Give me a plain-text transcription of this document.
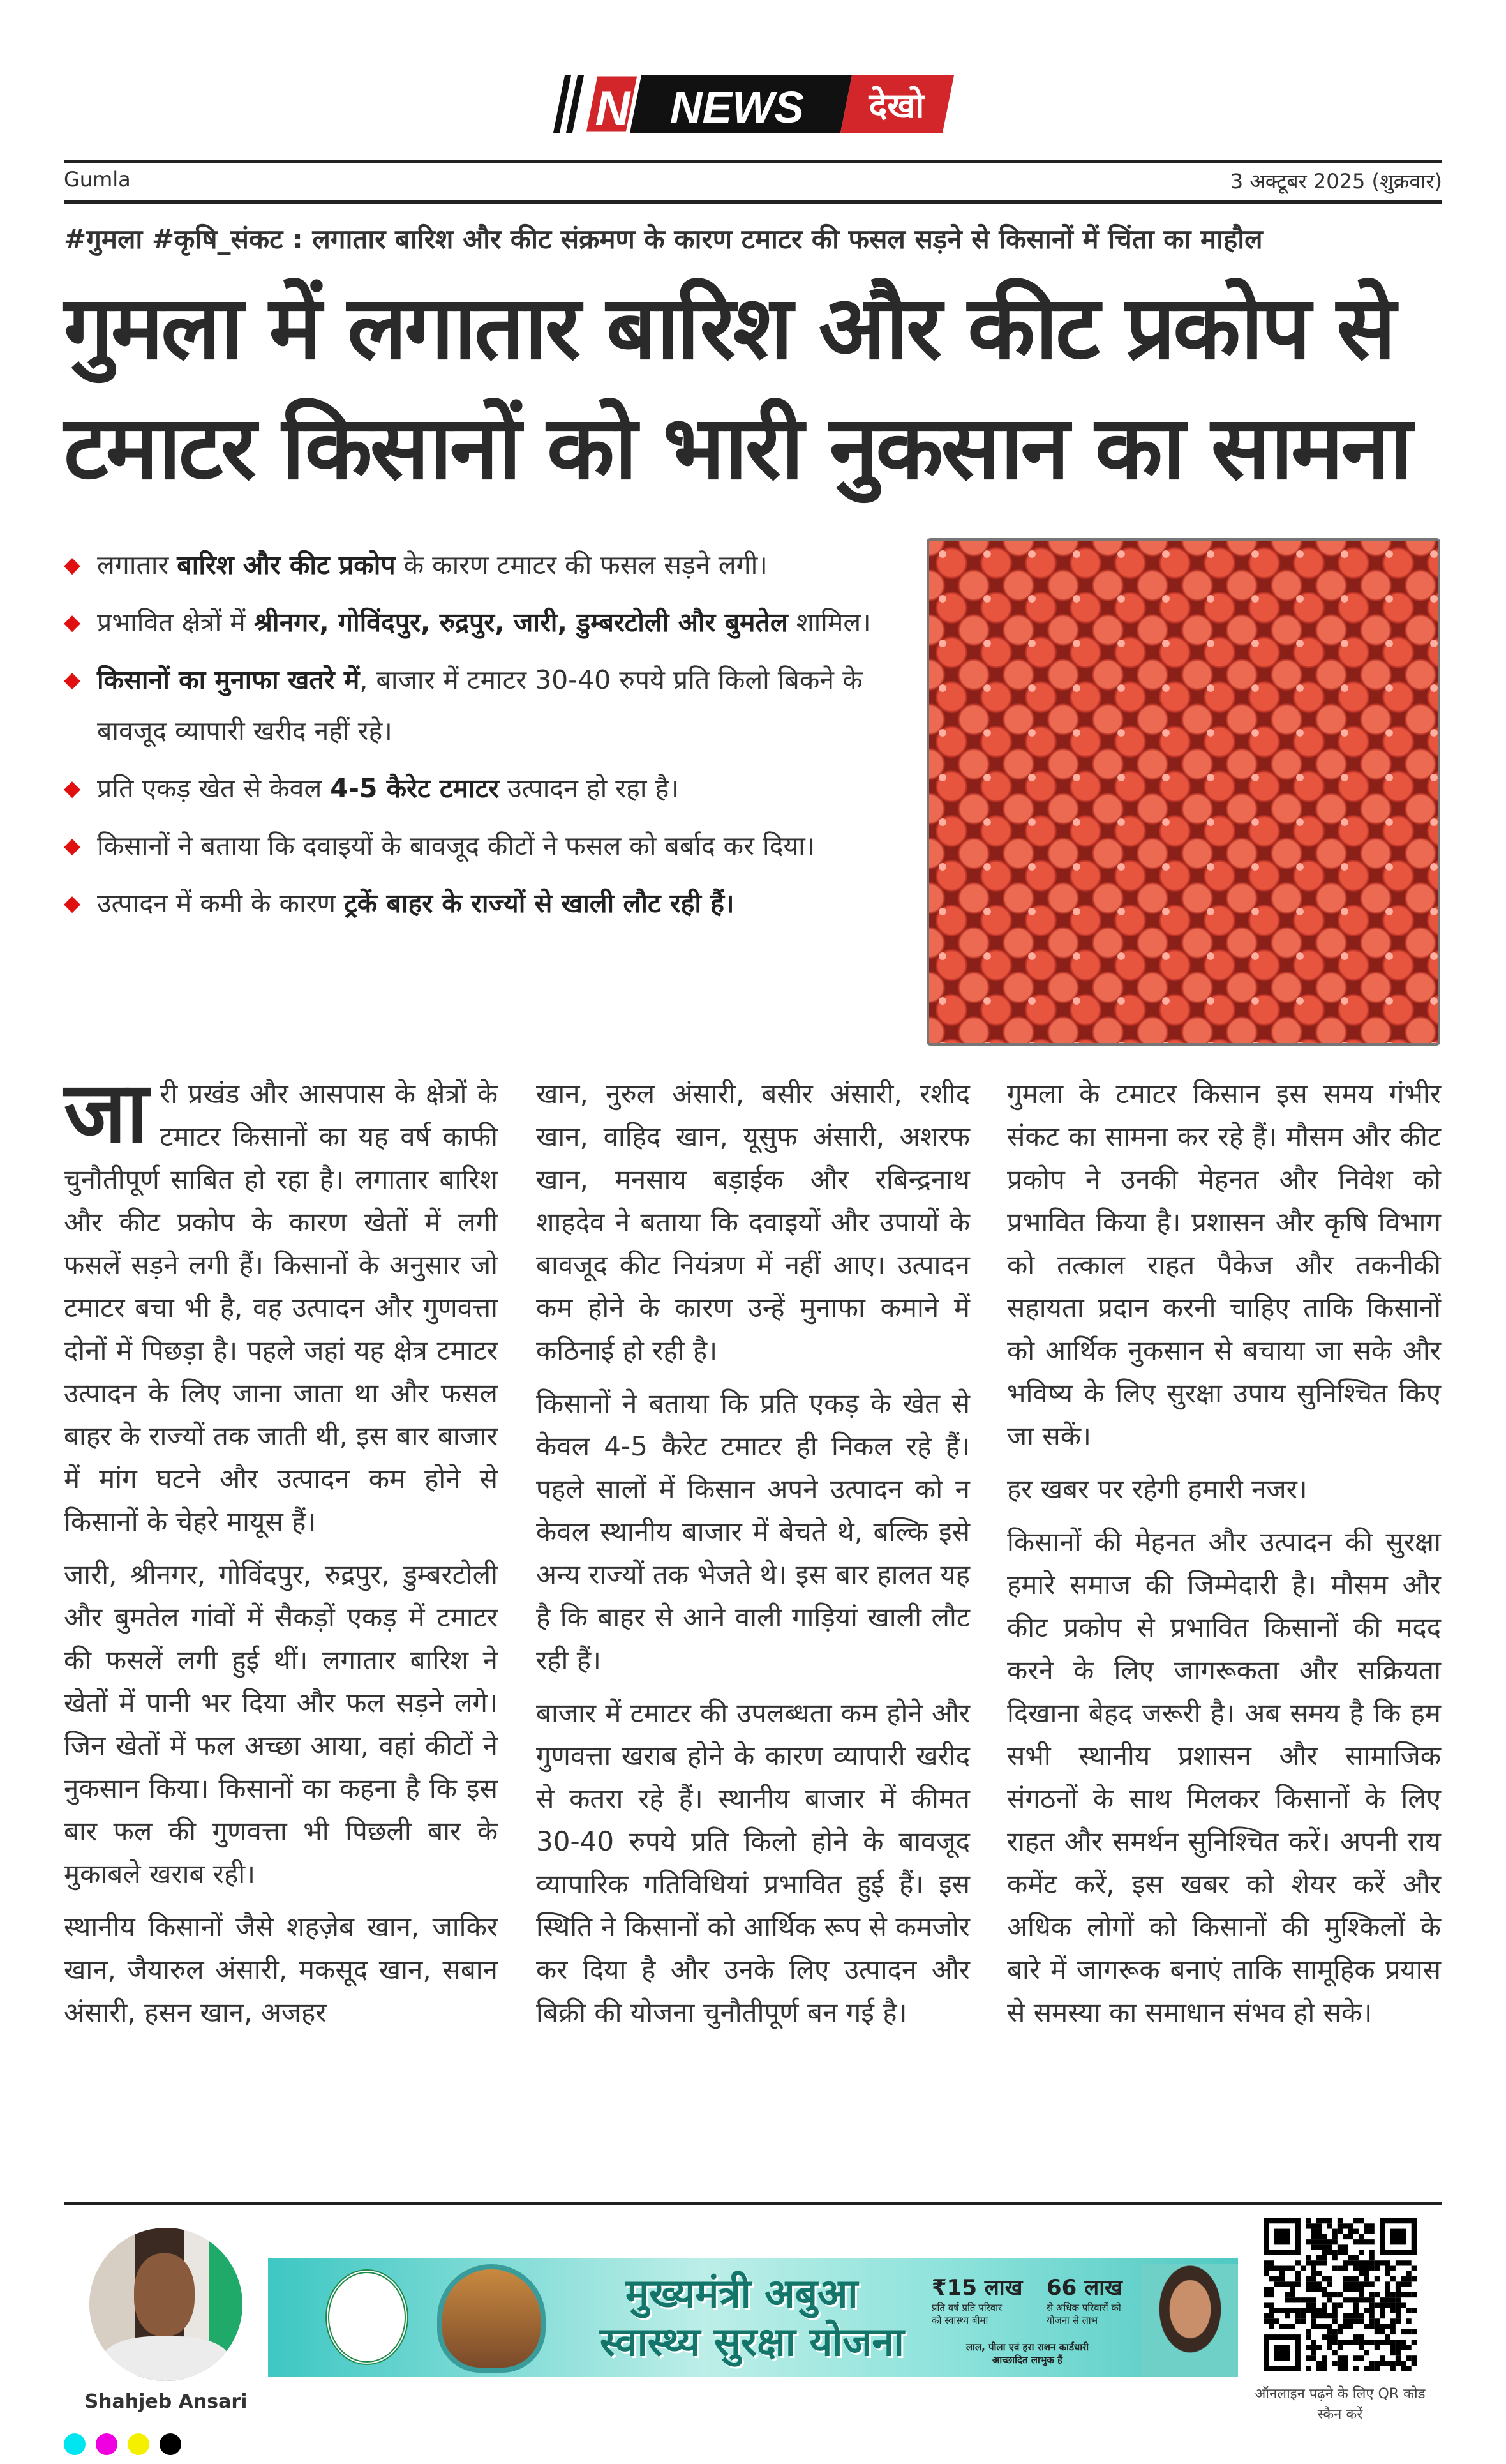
N NEWS देखो
Gumla	3 अक्टूबर 2025 (शुक्रवार)
#गुमला #कृषि_संकट : लगातार बारिश और कीट संक्रमण के कारण टमाटर की फसल सड़ने से किसानों में चिंता का माहौल
गुमला में लगातार बारिश और कीट प्रकोप से
टमाटर किसानों को भारी नुकसान का सामना
◆ लगातार बारिश और कीट प्रकोप के कारण टमाटर की फसल सड़ने लगी।
◆ प्रभावित क्षेत्रों में श्रीनगर, गोविंदपुर, रुद्रपुर, जारी, डुम्बरटोली और बुमतेल शामिल।
◆ किसानों का मुनाफा खतरे में, बाजार में टमाटर 30-40 रुपये प्रति किलो बिकने के बावजूद व्यापारी खरीद नहीं रहे।
◆ प्रति एकड़ खेत से केवल 4-5 कैरेट टमाटर उत्पादन हो रहा है।
◆ किसानों ने बताया कि दवाइयों के बावजूद कीटों ने फसल को बर्बाद कर दिया।
◆ उत्पादन में कमी के कारण ट्रकें बाहर के राज्यों से खाली लौट रही हैं।

जारी प्रखंड और आसपास के क्षेत्रों के टमाटर किसानों का यह वर्ष काफी चुनौतीपूर्ण साबित हो रहा है। लगातार बारिश और कीट प्रकोप के कारण खेतों में लगी फसलें सड़ने लगी हैं। किसानों के अनुसार जो टमाटर बचा भी है, वह उत्पादन और गुणवत्ता दोनों में पिछड़ा है। पहले जहां यह क्षेत्र टमाटर उत्पादन के लिए जाना जाता था और फसल बाहर के राज्यों तक जाती थी, इस बार बाजार में मांग घटने और उत्पादन कम होने से किसानों के चेहरे मायूस हैं।

जारी, श्रीनगर, गोविंदपुर, रुद्रपुर, डुम्बरटोली और बुमतेल गांवों में सैकड़ों एकड़ में टमाटर की फसलें लगी हुई थीं। लगातार बारिश ने खेतों में पानी भर दिया और फल सड़ने लगे। जिन खेतों में फल अच्छा आया, वहां कीटों ने नुकसान किया। किसानों का कहना है कि इस बार फल की गुणवत्ता भी पिछली बार के मुकाबले खराब रही।

स्थानीय किसानों जैसे शहज़ेब खान, जाकिर खान, जैयारुल अंसारी, मकसूद खान, सबान अंसारी, हसन खान, अजहर

खान, नुरुल अंसारी, बसीर अंसारी, रशीद खान, वाहिद खान, यूसुफ अंसारी, अशरफ खान, मनसाय बड़ाईक और रबिन्द्रनाथ शाहदेव ने बताया कि दवाइयों और उपायों के बावजूद कीट नियंत्रण में नहीं आए। उत्पादन कम होने के कारण उन्हें मुनाफा कमाने में कठिनाई हो रही है।

किसानों ने बताया कि प्रति एकड़ के खेत से केवल 4-5 कैरेट टमाटर ही निकल रहे हैं। पहले सालों में किसान अपने उत्पादन को न केवल स्थानीय बाजार में बेचते थे, बल्कि इसे अन्य राज्यों तक भेजते थे। इस बार हालत यह है कि बाहर से आने वाली गाड़ियां खाली लौट रही हैं।

बाजार में टमाटर की उपलब्धता कम होने और गुणवत्ता खराब होने के कारण व्यापारी खरीद से कतरा रहे हैं। स्थानीय बाजार में कीमत 30-40 रुपये प्रति किलो होने के बावजूद व्यापारिक गतिविधियां प्रभावित हुई हैं। इस स्थिति ने किसानों को आर्थिक रूप से कमजोर कर दिया है और उनके लिए उत्पादन और बिक्री की योजना चुनौतीपूर्ण बन गई है।

गुमला के टमाटर किसान इस समय गंभीर संकट का सामना कर रहे हैं। मौसम और कीट प्रकोप ने उनकी मेहनत और निवेश को प्रभावित किया है। प्रशासन और कृषि विभाग को तत्काल राहत पैकेज और तकनीकी सहायता प्रदान करनी चाहिए ताकि किसानों को आर्थिक नुकसान से बचाया जा सके और भविष्य के लिए सुरक्षा उपाय सुनिश्चित किए जा सकें।

हर खबर पर रहेगी हमारी नजर।

किसानों की मेहनत और उत्पादन की सुरक्षा हमारे समाज की जिम्मेदारी है। मौसम और कीट प्रकोप से प्रभावित किसानों की मदद करने के लिए जागरूकता और सक्रियता दिखाना बेहद जरूरी है। अब समय है कि हम सभी स्थानीय प्रशासन और सामाजिक संगठनों के साथ मिलकर किसानों के लिए राहत और समर्थन सुनिश्चित करें। अपनी राय कमेंट करें, इस खबर को शेयर करें और अधिक लोगों को किसानों की मुश्किलों के बारे में जागरूक बनाएं ताकि सामूहिक प्रयास से समस्या का समाधान संभव हो सके।

Shahjeb Ansari
मुख्यमंत्री अबुआ
स्वास्थ्य सुरक्षा योजना
₹15 लाख
प्रति वर्ष प्रति परिवार को स्वास्थ्य बीमा
66 लाख
से अधिक परिवारों को योजना से लाभ
लाल, पीला एवं हरा राशन कार्डधारी आच्छादित लाभुक हैं
ऑनलाइन पढ़ने के लिए QR कोड स्कैन करें
